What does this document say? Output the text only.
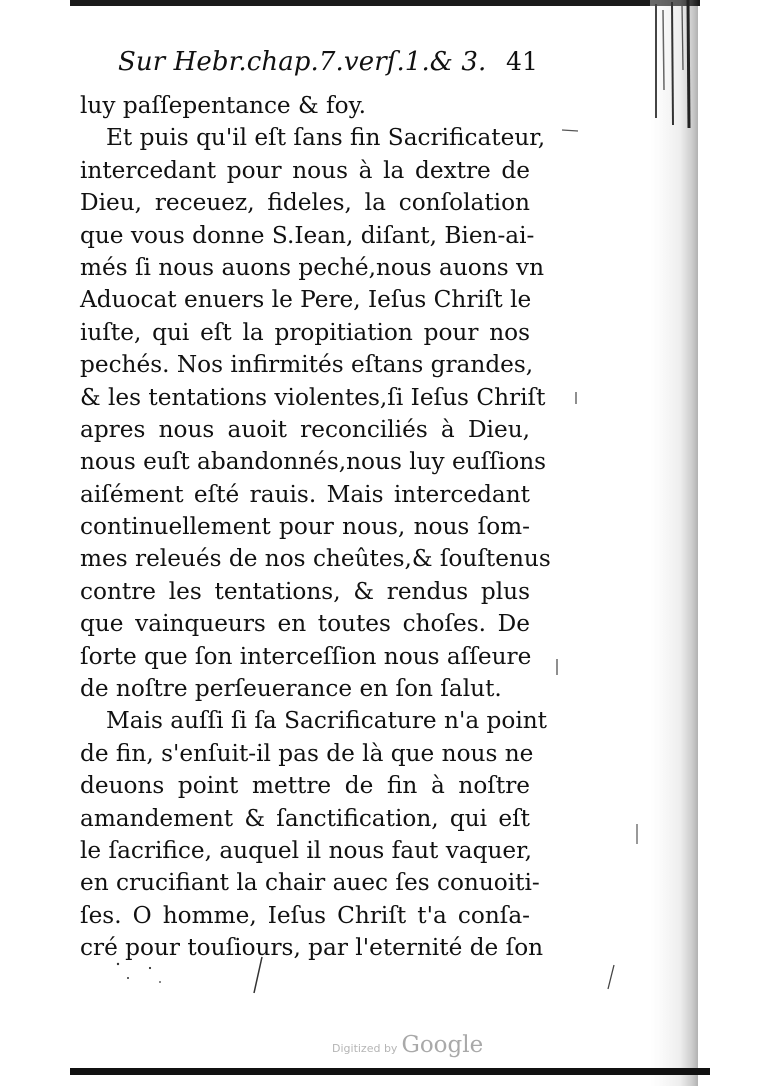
Sur Hebr.chap.7.verſ.1.& 3. 41
luy paſſepentance & foy.
Et puis qu'il eſt ſans fin Sacrificateur,
intercedant pour nous à la dextre de
Dieu, receuez, fideles, la conſolation
que vous donne S.Iean, diſant, Bien-ai-
més ſi nous auons peché,nous auons vn
Aduocat enuers le Pere, Ieſus Chriſt le
iuſte, qui eſt la propitiation pour nos
pechés. Nos infirmités eſtans grandes,
& les tentations violentes,ſi Ieſus Chriſt
apres nous auoit reconciliés à Dieu,
nous euſt abandonnés,nous luy euſſions
aiſément eſté rauis. Mais intercedant
continuellement pour nous, nous ſom-
mes releués de nos cheûtes,& ſouſtenus
contre les tentations, & rendus plus
que vainqueurs en toutes choſes. De
ſorte que ſon interceſſion nous aſſeure
de noſtre perſeuerance en ſon ſalut.
Mais auſſi ſi ſa Sacrificature n'a point
de fin, s'enſuit-il pas de là que nous ne
deuons point mettre de fin à noſtre
amandement & ſanctification, qui eſt
le ſacrifice, auquel il nous faut vaquer,
en crucifiant la chair auec ſes conuoiti-
ſes. O homme, Ieſus Chriſt t'a conſa-
cré pour touſiours, par l'eternité de ſon
Digitized by Google
